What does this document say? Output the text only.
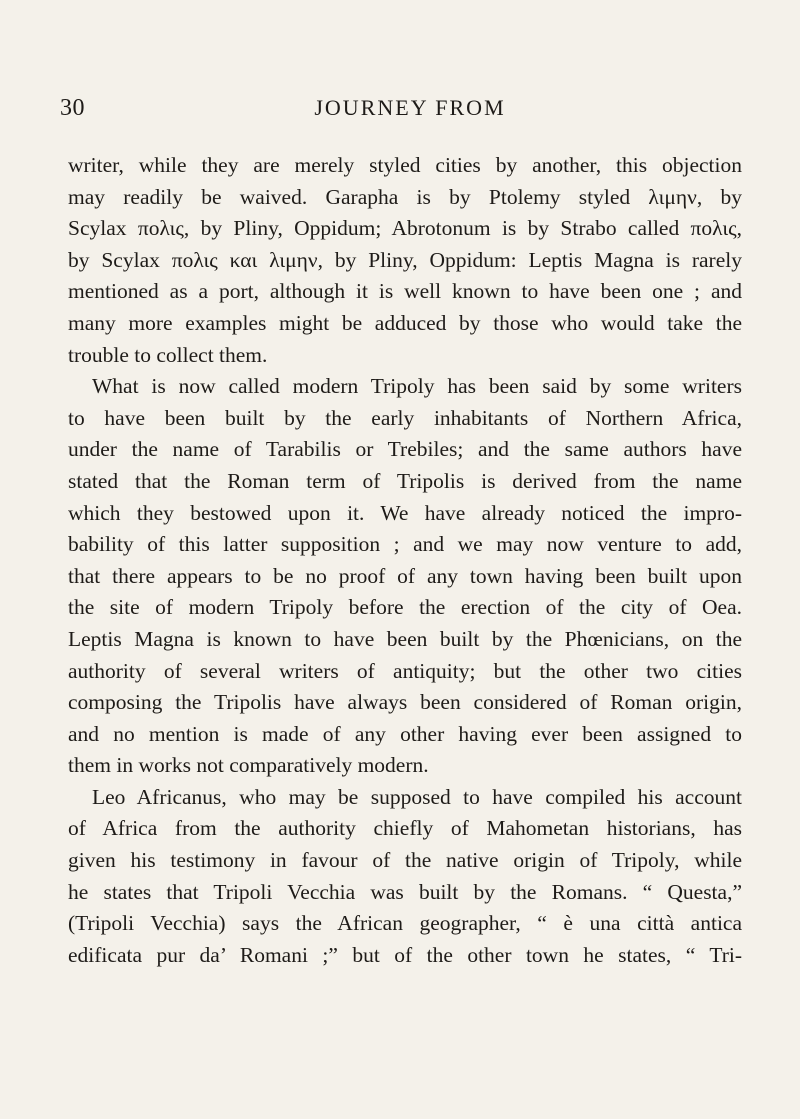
30	JOURNEY FROM
writer, while they are merely styled cities by another, this objection
may readily be waived. Garapha is by Ptolemy styled λιμην, by
Scylax πολις, by Pliny, Oppidum; Abrotonum is by Strabo called πολις,
by Scylax πολις και λιμην, by Pliny, Oppidum: Leptis Magna is rarely
mentioned as a port, although it is well known to have been one ; and
many more examples might be adduced by those who would take the
trouble to collect them.
What is now called modern Tripoly has been said by some writers
to have been built by the early inhabitants of Northern Africa,
under the name of Tarabilis or Trebiles; and the same authors have
stated that the Roman term of Tripolis is derived from the name
which they bestowed upon it. We have already noticed the impro-
bability of this latter supposition ; and we may now venture to add,
that there appears to be no proof of any town having been built upon
the site of modern Tripoly before the erection of the city of Oea.
Leptis Magna is known to have been built by the Phœnicians, on the
authority of several writers of antiquity; but the other two cities
composing the Tripolis have always been considered of Roman origin,
and no mention is made of any other having ever been assigned to
them in works not comparatively modern.
Leo Africanus, who may be supposed to have compiled his account
of Africa from the authority chiefly of Mahometan historians, has
given his testimony in favour of the native origin of Tripoly, while
he states that Tripoli Vecchia was built by the Romans. “ Questa,”
(Tripoli Vecchia) says the African geographer, “ è una città antica
edificata pur da’ Romani ;” but of the other town he states, “ Tri-
